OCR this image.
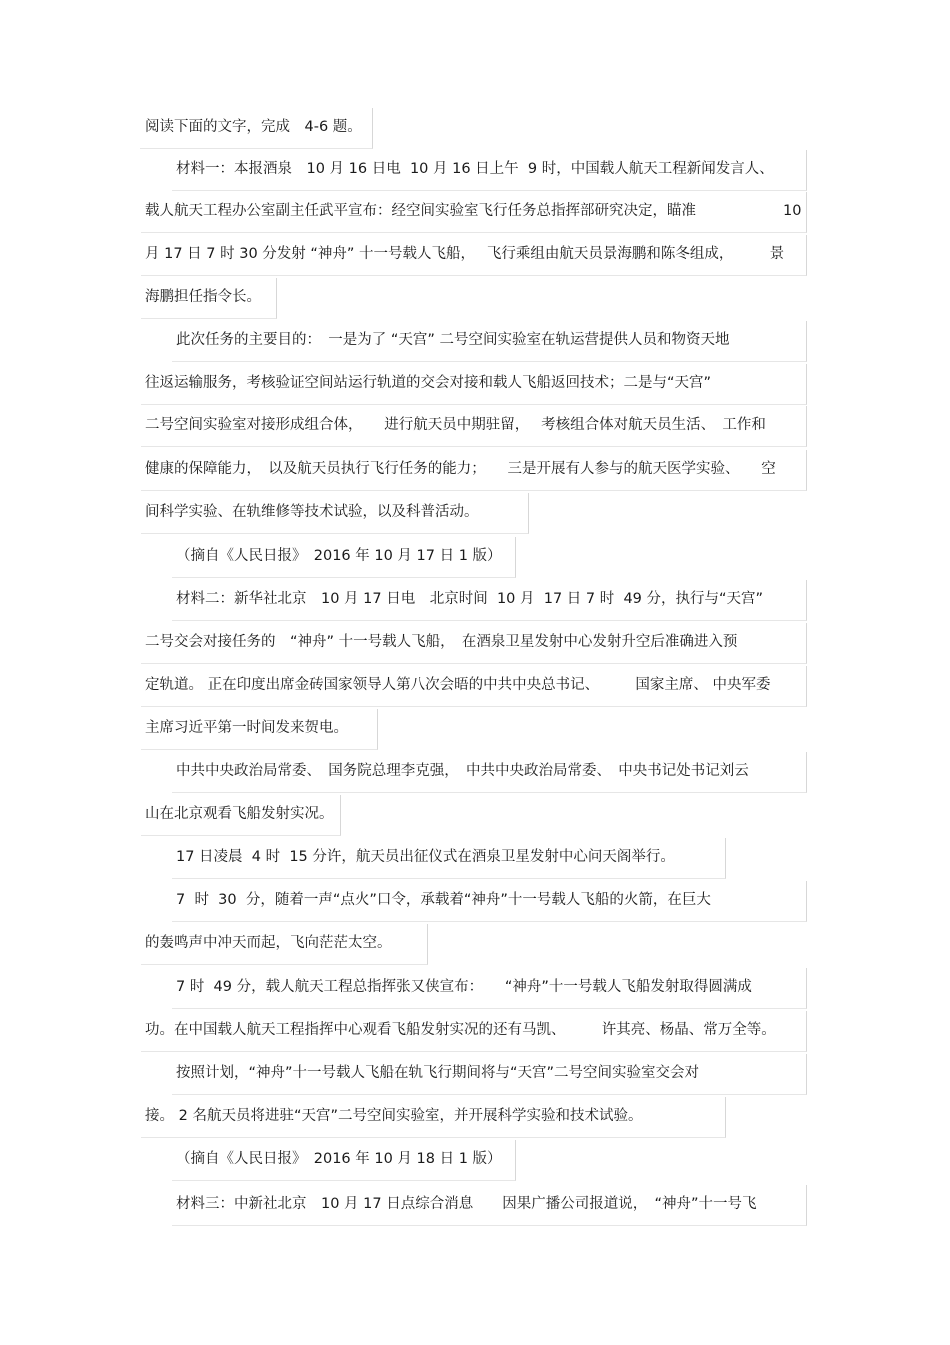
阅读下面的文字，完成　4-6 题。
材料一：本报酒泉　10 月 16 日电  10 月 16 日上午  9 时，中国载人航天工程新闻发言人、
载人航天工程办公室副主任武平宣布：经空间实验室飞行任务总指挥部研究决定，瞄准　　　　　　10
月 17 日 7 时 30 分发射 “神舟” 十一号载人飞船，　 飞行乘组由航天员景海鹏和陈冬组成，　　　景
海鹏担任指令长。
此次任务的主要目的：　一是为了 “天宫” 二号空间实验室在轨运营提供人员和物资天地
往返运输服务，考核验证空间站运行轨道的交会对接和载人飞船返回技术；二是与“天宫”
二号空间实验室对接形成组合体，　　进行航天员中期驻留，　 考核组合体对航天员生活、　工作和
健康的保障能力，　以及航天员执行飞行任务的能力；　　三是开展有人参与的航天医学实验、　　空
间科学实验、在轨维修等技术试验，以及科普活动。
（摘自《人民日报》　2016 年 10 月 17 日 1 版）
材料二：新华社北京　10 月 17 日电　北京时间  10 月  17 日 7 时  49 分，执行与“天宫”
二号交会对接任务的　“神舟” 十一号载人飞船，　在酒泉卫星发射中心发射升空后准确进入预
定轨道。 正在印度出席金砖国家领导人第八次会晤的中共中央总书记、　　　国家主席、 中央军委
主席习近平第一时间发来贺电。
中共中央政治局常委、　国务院总理李克强，　中共中央政治局常委、　中央书记处书记刘云
山在北京观看飞船发射实况。
17 日凌晨  4 时  15 分许，航天员出征仪式在酒泉卫星发射中心问天阁举行。
7  时  30  分，随着一声“点火”口令，承载着“神舟”十一号载人飞船的火箭，在巨大
的轰鸣声中冲天而起，飞向茫茫太空。
7 时  49 分，载人航天工程总指挥张又侠宣布：　　“神舟”十一号载人飞船发射取得圆满成
功。在中国载人航天工程指挥中心观看飞船发射实况的还有马凯、　　　许其亮、杨晶、常万全等。
按照计划，“神舟”十一号载人飞船在轨飞行期间将与“天宫”二号空间实验室交会对
接。 2 名航天员将进驻“天宫”二号空间实验室，并开展科学实验和技术试验。
（摘自《人民日报》　2016 年 10 月 18 日 1 版）
材料三：中新社北京　10 月 17 日点综合消息　　因果广播公司报道说，　“神舟”十一号飞
